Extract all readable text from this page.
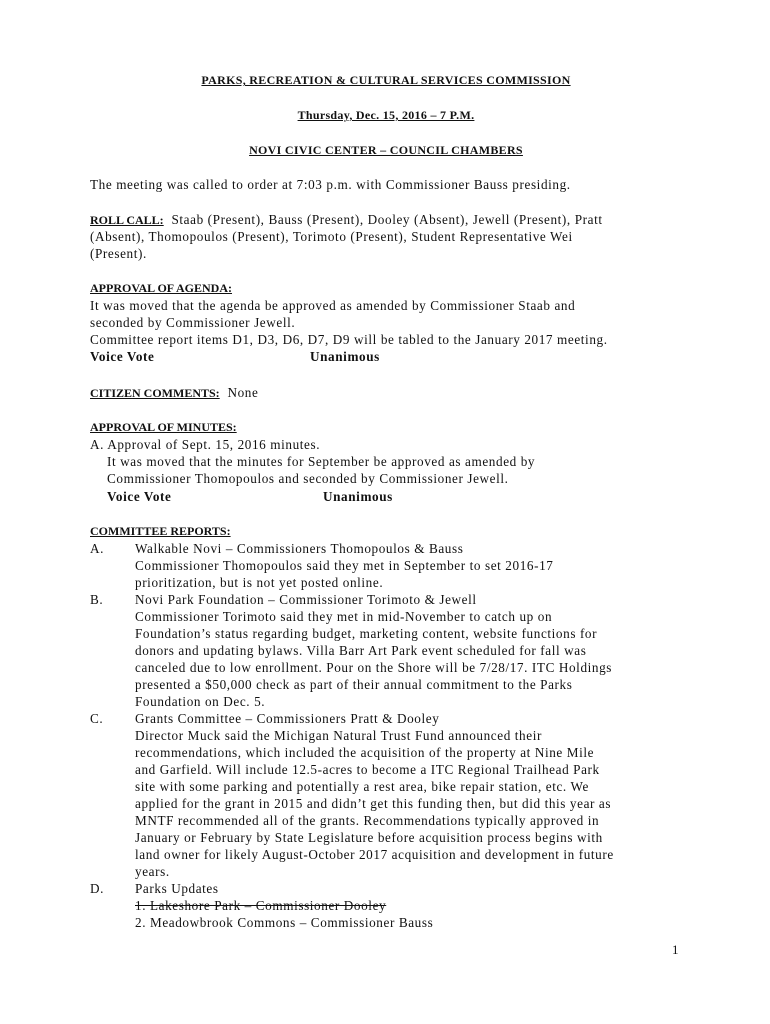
PARKS, RECREATION & CULTURAL SERVICES COMMISSION
Thursday, Dec. 15, 2016 – 7 P.M.
NOVI CIVIC CENTER – COUNCIL CHAMBERS
The meeting was called to order at 7:03 p.m. with Commissioner Bauss presiding.
ROLL CALL: Staab (Present), Bauss (Present), Dooley (Absent), Jewell (Present), Pratt
(Absent), Thomopoulos (Present), Torimoto (Present), Student Representative Wei
(Present).
APPROVAL OF AGENDA:
It was moved that the agenda be approved as amended by Commissioner Staab and
seconded by Commissioner Jewell.
Committee report items D1, D3, D6, D7, D9 will be tabled to the January 2017 meeting.
Voice Vote	Unanimous
CITIZEN COMMENTS: None
APPROVAL OF MINUTES:
A. Approval of Sept. 15, 2016 minutes.
It was moved that the minutes for September be approved as amended by
Commissioner Thomopoulos and seconded by Commissioner Jewell.
Voice Vote	Unanimous
COMMITTEE REPORTS:
A. Walkable Novi – Commissioners Thomopoulos & Bauss
Commissioner Thomopoulos said they met in September to set 2016-17
prioritization, but is not yet posted online.
B. Novi Park Foundation – Commissioner Torimoto & Jewell
Commissioner Torimoto said they met in mid-November to catch up on
Foundation’s status regarding budget, marketing content, website functions for
donors and updating bylaws. Villa Barr Art Park event scheduled for fall was
canceled due to low enrollment. Pour on the Shore will be 7/28/17. ITC Holdings
presented a $50,000 check as part of their annual commitment to the Parks
Foundation on Dec. 5.
C. Grants Committee – Commissioners Pratt & Dooley
Director Muck said the Michigan Natural Trust Fund announced their
recommendations, which included the acquisition of the property at Nine Mile
and Garfield. Will include 12.5-acres to become a ITC Regional Trailhead Park
site with some parking and potentially a rest area, bike repair station, etc. We
applied for the grant in 2015 and didn’t get this funding then, but did this year as
MNTF recommended all of the grants. Recommendations typically approved in
January or February by State Legislature before acquisition process begins with
land owner for likely August-October 2017 acquisition and development in future
years.
D. Parks Updates
1. Lakeshore Park – Commissioner Dooley
2. Meadowbrook Commons – Commissioner Bauss
1
